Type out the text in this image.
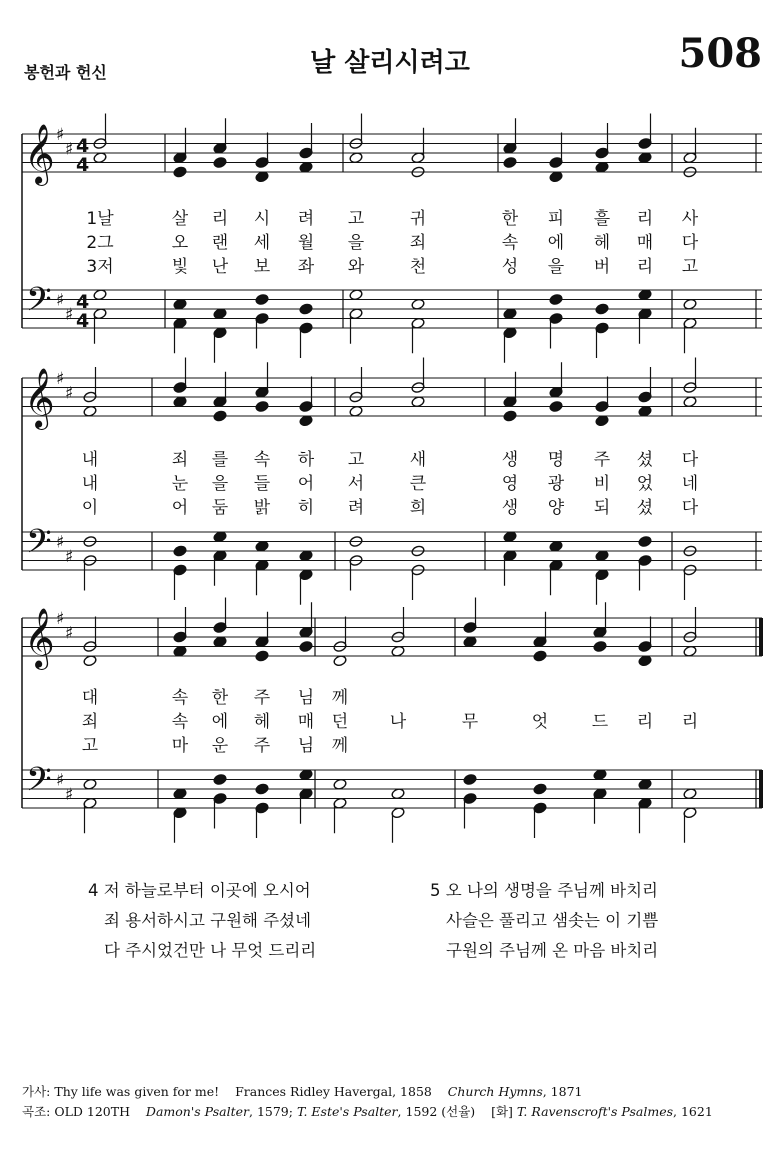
봉헌과 헌신	날 살리시려고	508
𝄞
𝄢
♯
♯
♯
♯
4
4
4
4
𝄞
𝄢
♯
♯
♯
♯
𝄞
𝄢
♯
♯
♯
♯
1날	살 리 시 려 고	귀	한 피 흘 리 사
2그	오 랜 세 월 을	죄	속 에 헤 매 다
3저	빛 난 보 좌 와	천	성 을 버 리 고
내	죄 를 속 하 고	새	생 명 주 셨 다
내	눈 을 들 어 서	큰	영 광 비 었 네
이	어 둠 밝 히 려	희	생 양 되 셨 다
대	속 한 주 님 께
죄	속 에 헤 매 던 나	무	엇	드 리 리
고	마 운 주 님 께
4 저 하늘로부터 이곳에 오시어
죄 용서하시고 구원해 주셨네
다 주시었건만 나 무엇 드리리
5 오 나의 생명을 주님께 바치리
사슬은 풀리고 샘솟는 이 기쁨
구원의 주님께 온 마음 바치리
가사: Thy life was given for me! Frances Ridley Havergal, 1858 Church Hymns, 1871
곡조: OLD 120TH Damon's Psalter, 1579; T. Este's Psalter, 1592 (선율) [화] T. Ravenscroft's Psalmes, 1621
